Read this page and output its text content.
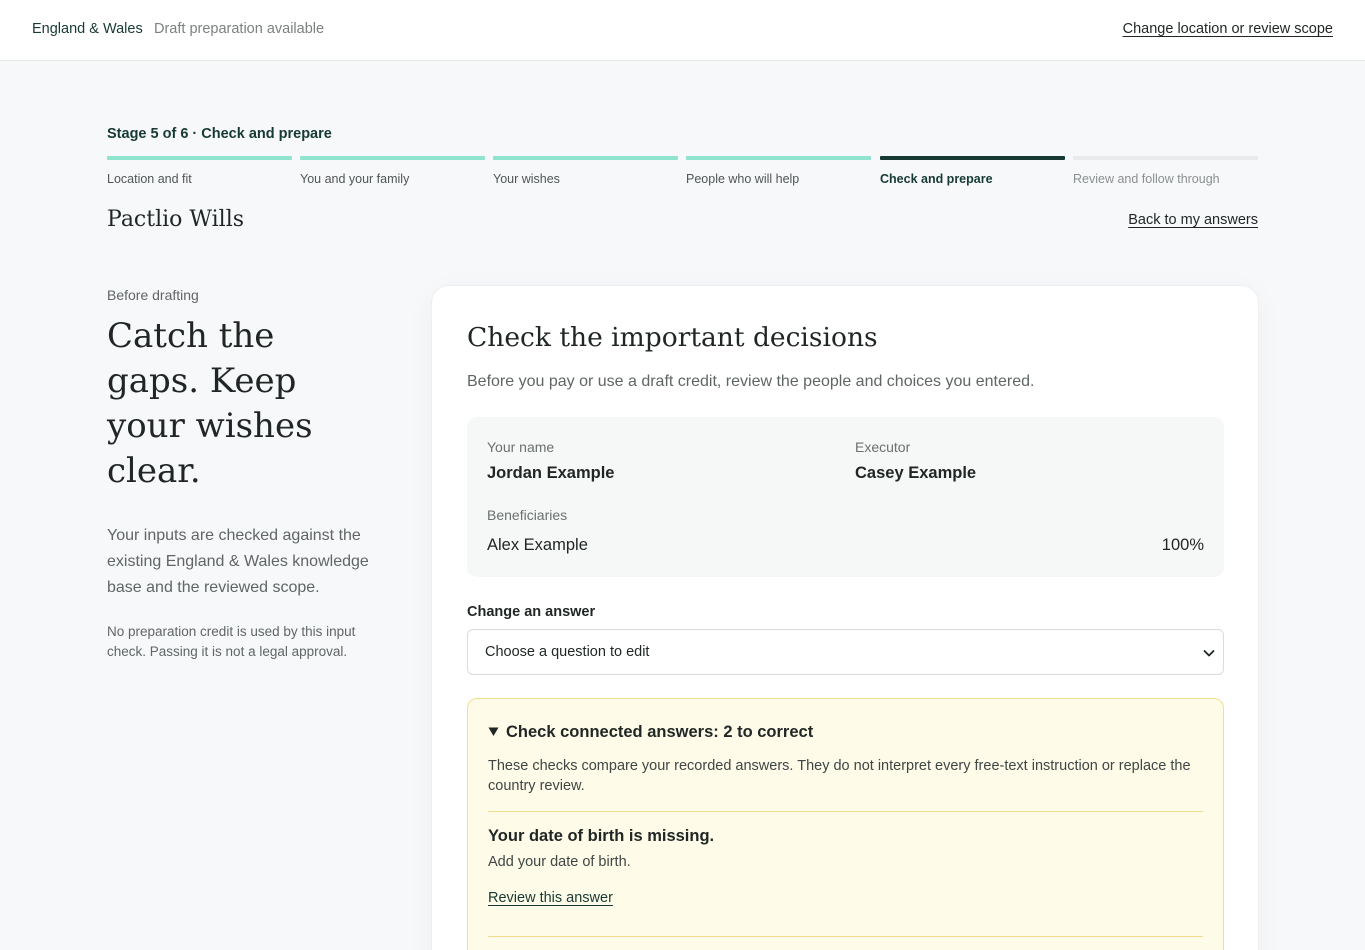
England & Wales Draft preparation available	Change location or review scope
Stage 5 of 6 · Check and prepare
Location and fit	You and your family	Your wishes	People who will help	Check and prepare	Review and follow through
Pactlio Wills	Back to my answers
Before drafting
Catch the gaps. Keep your wishes clear.

Your inputs are checked against the existing England & Wales knowledge base and the reviewed scope.

No preparation credit is used by this input check. Passing it is not a legal approval.

Check the important decisions

Before you pay or use a draft credit, review the people and choices you entered.

Your name
Jordan Example
Executor
Casey Example
Beneficiaries
Alex Example	100%
Change an answer
Choose a question to edit
Check connected answers: 2 to correct

These checks compare your recorded answers. They do not interpret every free-text instruction or replace the country review.

Your date of birth is missing.
Add your date of birth.
Review this answer
